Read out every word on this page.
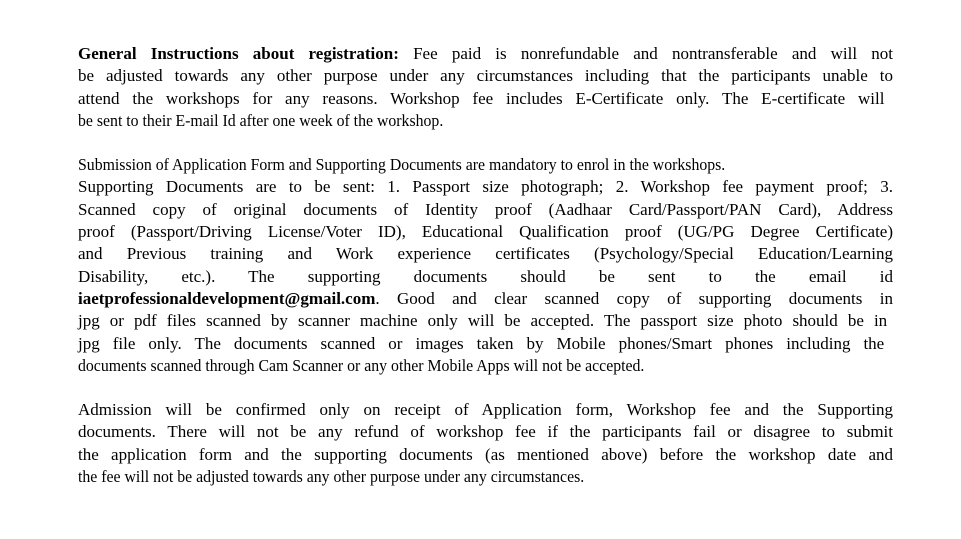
General Instructions about registration: Fee paid is nonrefundable and nontransferable and will not
be adjusted towards any other purpose under any circumstances including that the participants unable to
attend the workshops for any reasons. Workshop fee includes E-Certificate only. The E-certificate will
be sent to their E-mail Id after one week of the workshop.
Submission of Application Form and Supporting Documents are mandatory to enrol in the workshops.
Supporting Documents are to be sent: 1. Passport size photograph; 2. Workshop fee payment proof; 3.
Scanned copy of original documents of Identity proof (Aadhaar Card/Passport/PAN Card), Address
proof (Passport/Driving License/Voter ID), Educational Qualification proof (UG/PG Degree Certificate)
and Previous training and Work experience certificates (Psychology/Special Education/Learning
Disability, etc.). The supporting documents should be sent to the email id
iaetprofessionaldevelopment@gmail.com. Good and clear scanned copy of supporting documents in
jpg or pdf files scanned by scanner machine only will be accepted. The passport size photo should be in
jpg file only. The documents scanned or images taken by Mobile phones/Smart phones including the
documents scanned through Cam Scanner or any other Mobile Apps will not be accepted.
Admission will be confirmed only on receipt of Application form, Workshop fee and the Supporting
documents. There will not be any refund of workshop fee if the participants fail or disagree to submit
the application form and the supporting documents (as mentioned above) before the workshop date and
the fee will not be adjusted towards any other purpose under any circumstances.
